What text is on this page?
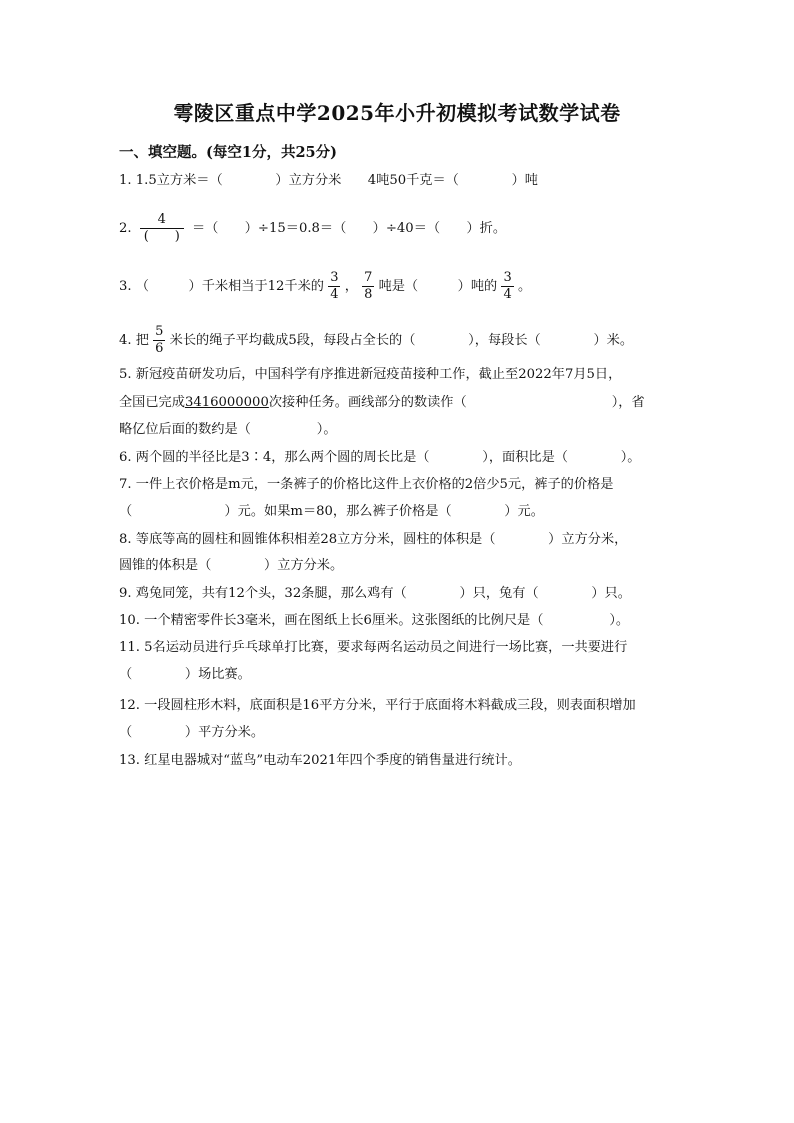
雩陵区重点中学2025年小升初模拟考试数学试卷
一、填空题。(每空1分，共25分)
1. 1.5立方米＝（　　　　）立方分米　　4吨50千克＝（　　　　）吨
2. $\frac{4}{( )}$ ＝（　　）÷15＝0.8＝（　　）÷40＝（　　）折。
3. （　　　）千米相当于12千米的 $\frac{3}{4}$ ， $\frac{7}{8}$ 吨是（　　　）吨的 $\frac{3}{4}$ 。
4. 把 $\frac{5}{6}$ 米长的绳子平均截成5段，每段占全长的（　　　　），每段长（　　　　）米。
5. 新冠疫苗研发功后，中国科学有序推进新冠疫苗接种工作，截止至2022年7月5日，
全国已完成3416000000次接种任务。画线部分的数读作（　　　　　　　　　　　），省
略亿位后面的数约是（　　　　　）。
6. 两个圆的半径比是3∶4，那么两个圆的周长比是（　　　　），面积比是（　　　　）。
7. 一件上衣价格是m元，一条裤子的价格比这件上衣价格的2倍少5元，裤子的价格是
（　　　　　　　）元。如果m＝80，那么裤子价格是（　　　　）元。
8. 等底等高的圆柱和圆锥体积相差28立方分米，圆柱的体积是（　　　　）立方分米，
圆锥的体积是（　　　　）立方分米。
9. 鸡兔同笼，共有12个头，32条腿，那么鸡有（　　　　）只，兔有（　　　　）只。
10. 一个精密零件长3毫米，画在图纸上长6厘米。这张图纸的比例尺是（　　　　　）。
11. 5名运动员进行乒乓球单打比赛，要求每两名运动员之间进行一场比赛，一共要进行
（　　　　）场比赛。
12. 一段圆柱形木料，底面积是16平方分米，平行于底面将木料截成三段，则表面积增加
（　　　　）平方分米。
13. 红星电器城对“蓝鸟”电动车2021年四个季度的销售量进行统计。
